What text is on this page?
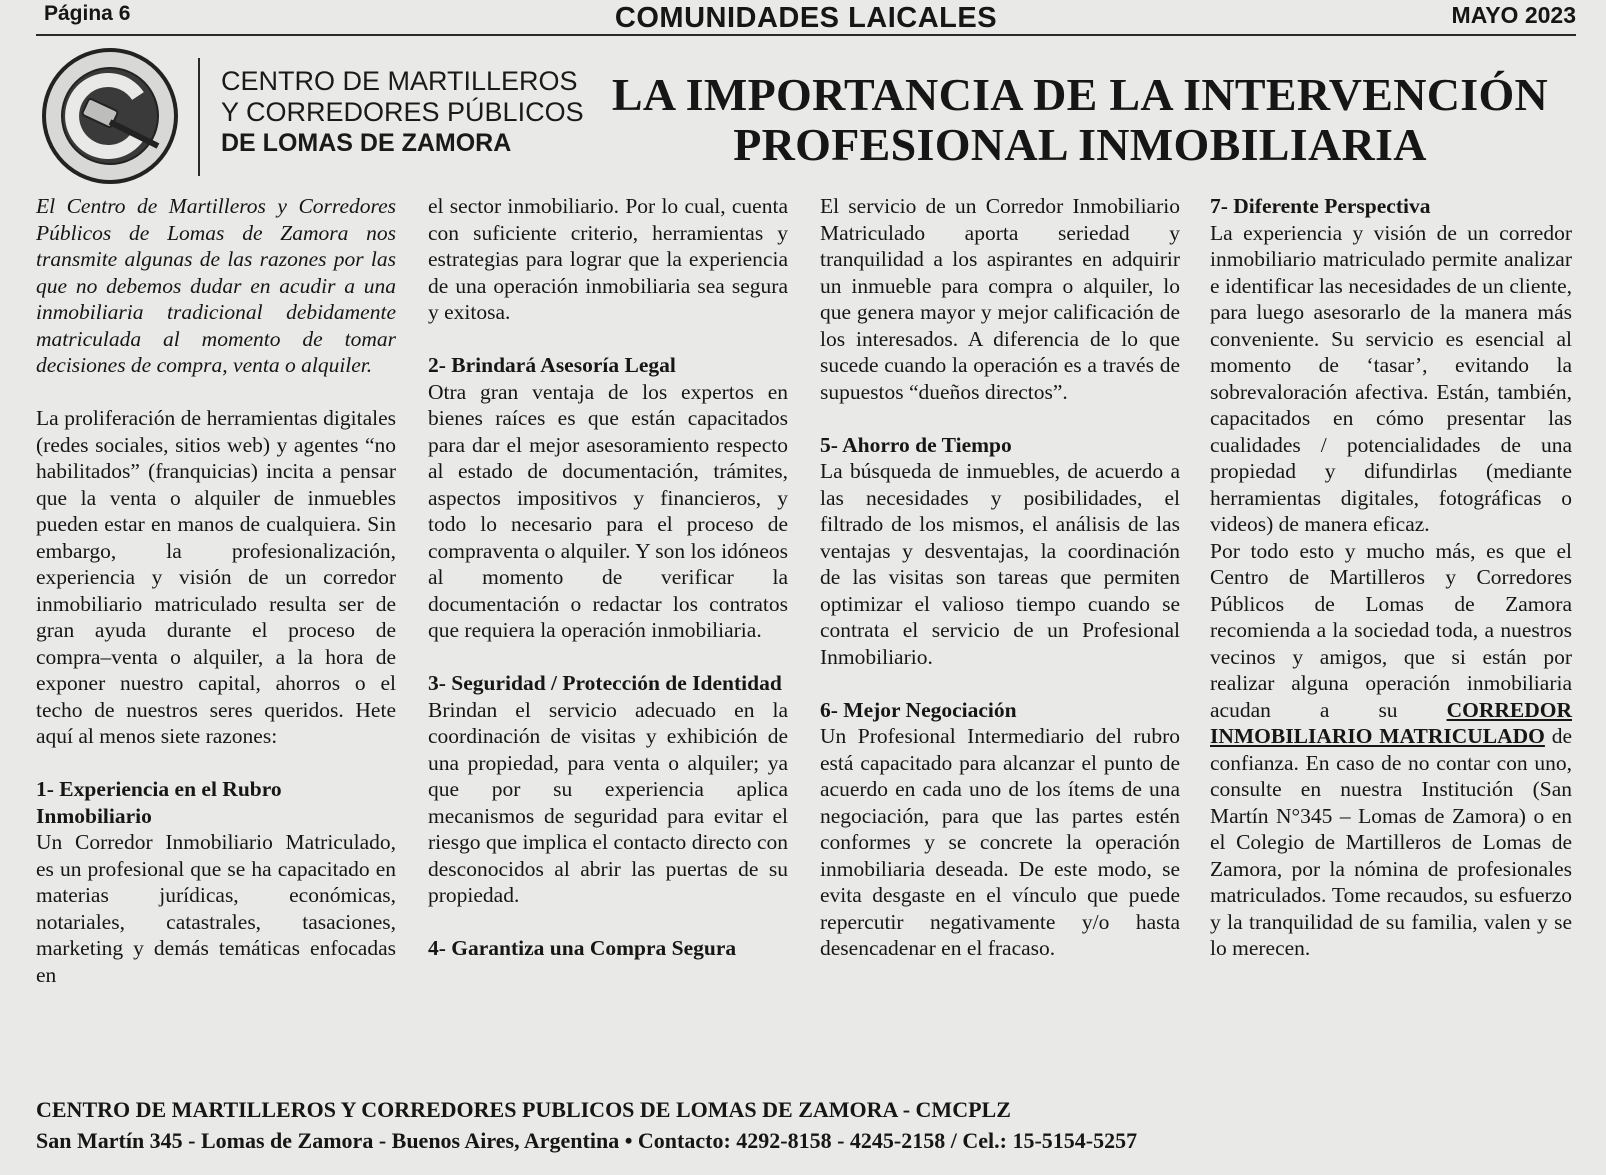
COMUNIDADES LAICALES
Página 6	MAYO 2023
CENTRO DE MARTILLEROS
Y CORREDORES PÚBLICOS
DE LOMAS DE ZAMORA
LA IMPORTANCIA DE LA INTERVENCIÓN
PROFESIONAL INMOBILIARIA

El Centro de Martilleros y Corredores Públicos de Lomas de Zamora nos transmite algunas de las razones por las que no debemos dudar en acudir a una inmobiliaria tradicional debidamente matriculada al momento de tomar decisiones de compra, venta o alquiler.

La proliferación de herramientas digitales (redes sociales, sitios web) y agentes “no habilitados” (franquicias) incita a pensar que la venta o alquiler de inmuebles pueden estar en manos de cualquiera. Sin embargo, la profesionalización, experiencia y visión de un corredor inmobiliario matriculado resulta ser de gran ayuda durante el proceso de compra–venta o alquiler, a la hora de exponer nuestro capital, ahorros o el techo de nuestros seres queridos. Hete aquí al menos siete razones:

1- Experiencia en el Rubro Inmobiliario

Un Corredor Inmobiliario Matriculado, es un profesional que se ha capacitado en materias jurídicas, económicas, notariales, catastrales, tasaciones, marketing y demás temáticas enfocadas en

el sector inmobiliario. Por lo cual, cuenta con suficiente criterio, herramientas y estrategias para lograr que la experiencia de una operación inmobiliaria sea segura y exitosa.

2- Brindará Asesoría Legal

Otra gran ventaja de los expertos en bienes raíces es que están capacitados para dar el mejor asesoramiento respecto al estado de documentación, trámites, aspectos impositivos y financieros, y todo lo necesario para el proceso de compraventa o alquiler. Y son los idóneos al momento de verificar la documentación o redactar los contratos que requiera la operación inmobiliaria.

3- Seguridad / Protección de Identidad

Brindan el servicio adecuado en la coordinación de visitas y exhibición de una propiedad, para venta o alquiler; ya que por su experiencia aplica mecanismos de seguridad para evitar el riesgo que implica el contacto directo con desconocidos al abrir las puertas de su propiedad.

4- Garantiza una Compra Segura

El servicio de un Corredor Inmobiliario Matriculado aporta seriedad y tranquilidad a los aspirantes en adquirir un inmueble para compra o alquiler, lo que genera mayor y mejor calificación de los interesados. A diferencia de lo que sucede cuando la operación es a través de supuestos “dueños directos”.

5- Ahorro de Tiempo

La búsqueda de inmuebles, de acuerdo a las necesidades y posibilidades, el filtrado de los mismos, el análisis de las ventajas y desventajas, la coordinación de las visitas son tareas que permiten optimizar el valioso tiempo cuando se contrata el servicio de un Profesional Inmobiliario.

6- Mejor Negociación

Un Profesional Intermediario del rubro está capacitado para alcanzar el punto de acuerdo en cada uno de los ítems de una negociación, para que las partes estén conformes y se concrete la operación inmobiliaria deseada. De este modo, se evita desgaste en el vínculo que puede repercutir negativamente y/o hasta desencadenar en el fracaso.

7- Diferente Perspectiva

La experiencia y visión de un corredor inmobiliario matriculado permite analizar e identificar las necesidades de un cliente, para luego asesorarlo de la manera más conveniente. Su servicio es esencial al momento de ‘tasar’, evitando la sobrevaloración afectiva. Están, también, capacitados en cómo presentar las cualidades / potencialidades de una propiedad y difundirlas (mediante herramientas digitales, fotográficas o videos) de manera eficaz.

Por todo esto y mucho más, es que el Centro de Martilleros y Corredores Públicos de Lomas de Zamora recomienda a la sociedad toda, a nuestros vecinos y amigos, que si están por realizar alguna operación inmobiliaria acudan a su CORREDOR INMOBILIARIO MATRICULADO de confianza. En caso de no contar con uno, consulte en nuestra Institución (San Martín N°345 – Lomas de Zamora) o en el Colegio de Martilleros de Lomas de Zamora, por la nómina de profesionales matriculados. Tome recaudos, su esfuerzo y la tranquilidad de su familia, valen y se lo merecen.

CENTRO DE MARTILLEROS Y CORREDORES PUBLICOS DE LOMAS DE ZAMORA - CMCPLZ
San Martín 345 - Lomas de Zamora - Buenos Aires, Argentina • Contacto: 4292-8158 - 4245-2158 / Cel.: 15-5154-5257
